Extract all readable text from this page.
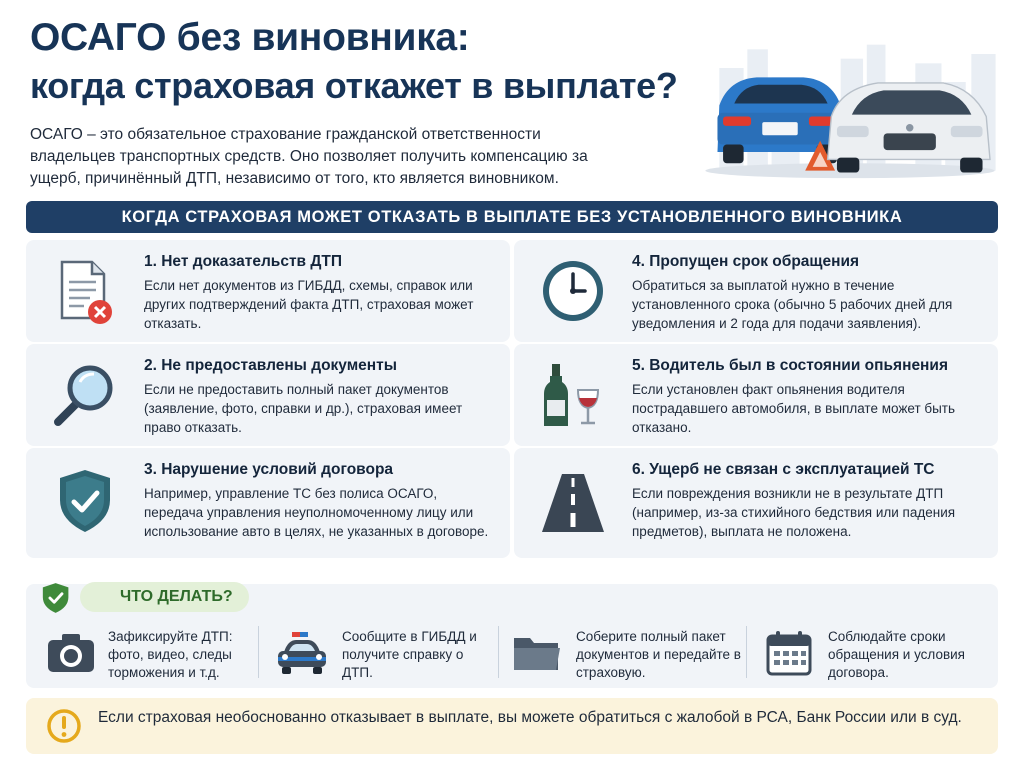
ОСАГО без виновника:
когда страховая откажет в выплате?
ОСАГО – это обязательное страхование гражданской ответственности владельцев транспортных средств. Оно позволяет получить компенсацию за ущерб, причинённый ДТП, независимо от того, кто является виновником.
КОГДА СТРАХОВАЯ МОЖЕТ ОТКАЗАТЬ В ВЫПЛАТЕ БЕЗ УСТАНОВЛЕННОГО ВИНОВНИКА
1. Нет доказательств ДТП
Если нет документов из ГИБДД, схемы, справок или других подтверждений факта ДТП, страховая может отказать.
2. Не предоставлены документы
Если не предоставить полный пакет документов (заявление, фото, справки и др.), страховая имеет право отказать.
3. Нарушение условий договора
Например, управление ТС без полиса ОСАГО, передача управления неуполномоченному лицу или использование авто в целях, не указанных в договоре.
4. Пропущен срок обращения
Обратиться за выплатой нужно в течение установленного срока (обычно 5 рабочих дней для уведомления и 2 года для подачи заявления).
5. Водитель был в состоянии опьянения
Если установлен факт опьянения водителя пострадавшего автомобиля, в выплате может быть отказано.
6. Ущерб не связан с эксплуатацией ТС
Если повреждения возникли не в результате ДТП (например, из-за стихийного бедствия или падения предметов), выплата не положена.
ЧТО ДЕЛАТЬ?
Зафиксируйте ДТП: фото, видео, следы торможения и т.д.
Сообщите в ГИБДД и получите справку о ДТП.
Соберите полный пакет документов и передайте в страховую.
Соблюдайте сроки обращения и условия договора.
Если страховая необоснованно отказывает в выплате, вы можете обратиться с жалобой в РСА, Банк России или в суд.
